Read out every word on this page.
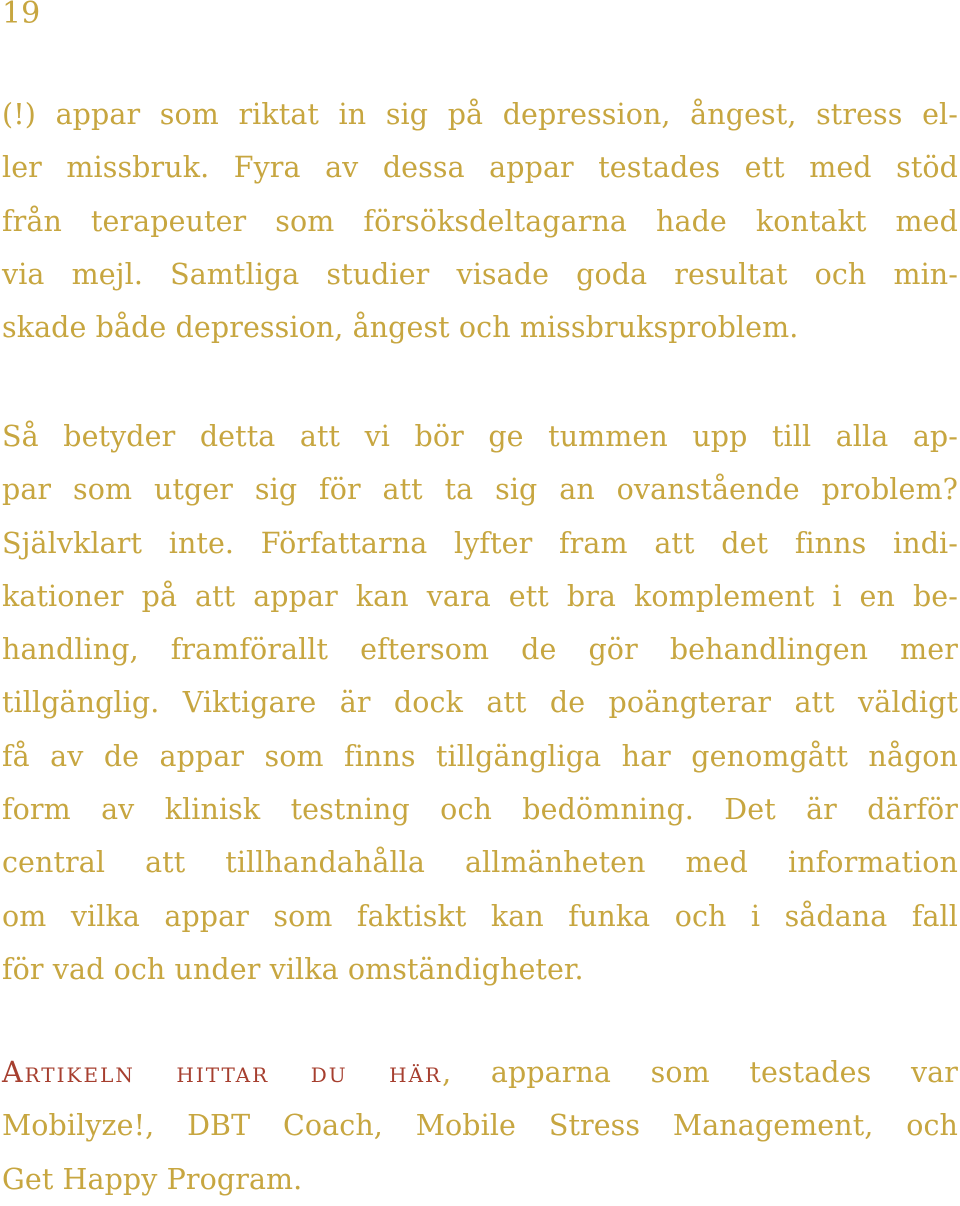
19

(!) appar som riktat in sig på depression, ångest, stress el-
ler missbruk. Fyra av dessa appar testades ett med stöd
från terapeuter som försöksdeltagarna hade kontakt med
via mejl. Samtliga studier visade goda resultat och min-
skade både depression, ångest och missbruksproblem.

Så betyder detta att vi bör ge tummen upp till alla ap-
par som utger sig för att ta sig an ovanstående problem?
Självklart inte. Författarna lyfter fram att det finns indi-
kationer på att appar kan vara ett bra komplement i en be-
handling, framförallt eftersom de gör behandlingen mer
tillgänglig. Viktigare är dock att de poängterar att väldigt
få av de appar som finns tillgängliga har genomgått någon
form av klinisk testning och bedömning. Det är därför
central att tillhandahålla allmänheten med information
om vilka appar som faktiskt kan funka och i sådana fall
för vad och under vilka omständigheter.

Artikeln hittar du här, apparna som testades var
Mobilyze!, DBT Coach, Mobile Stress Management, och
Get Happy Program.
